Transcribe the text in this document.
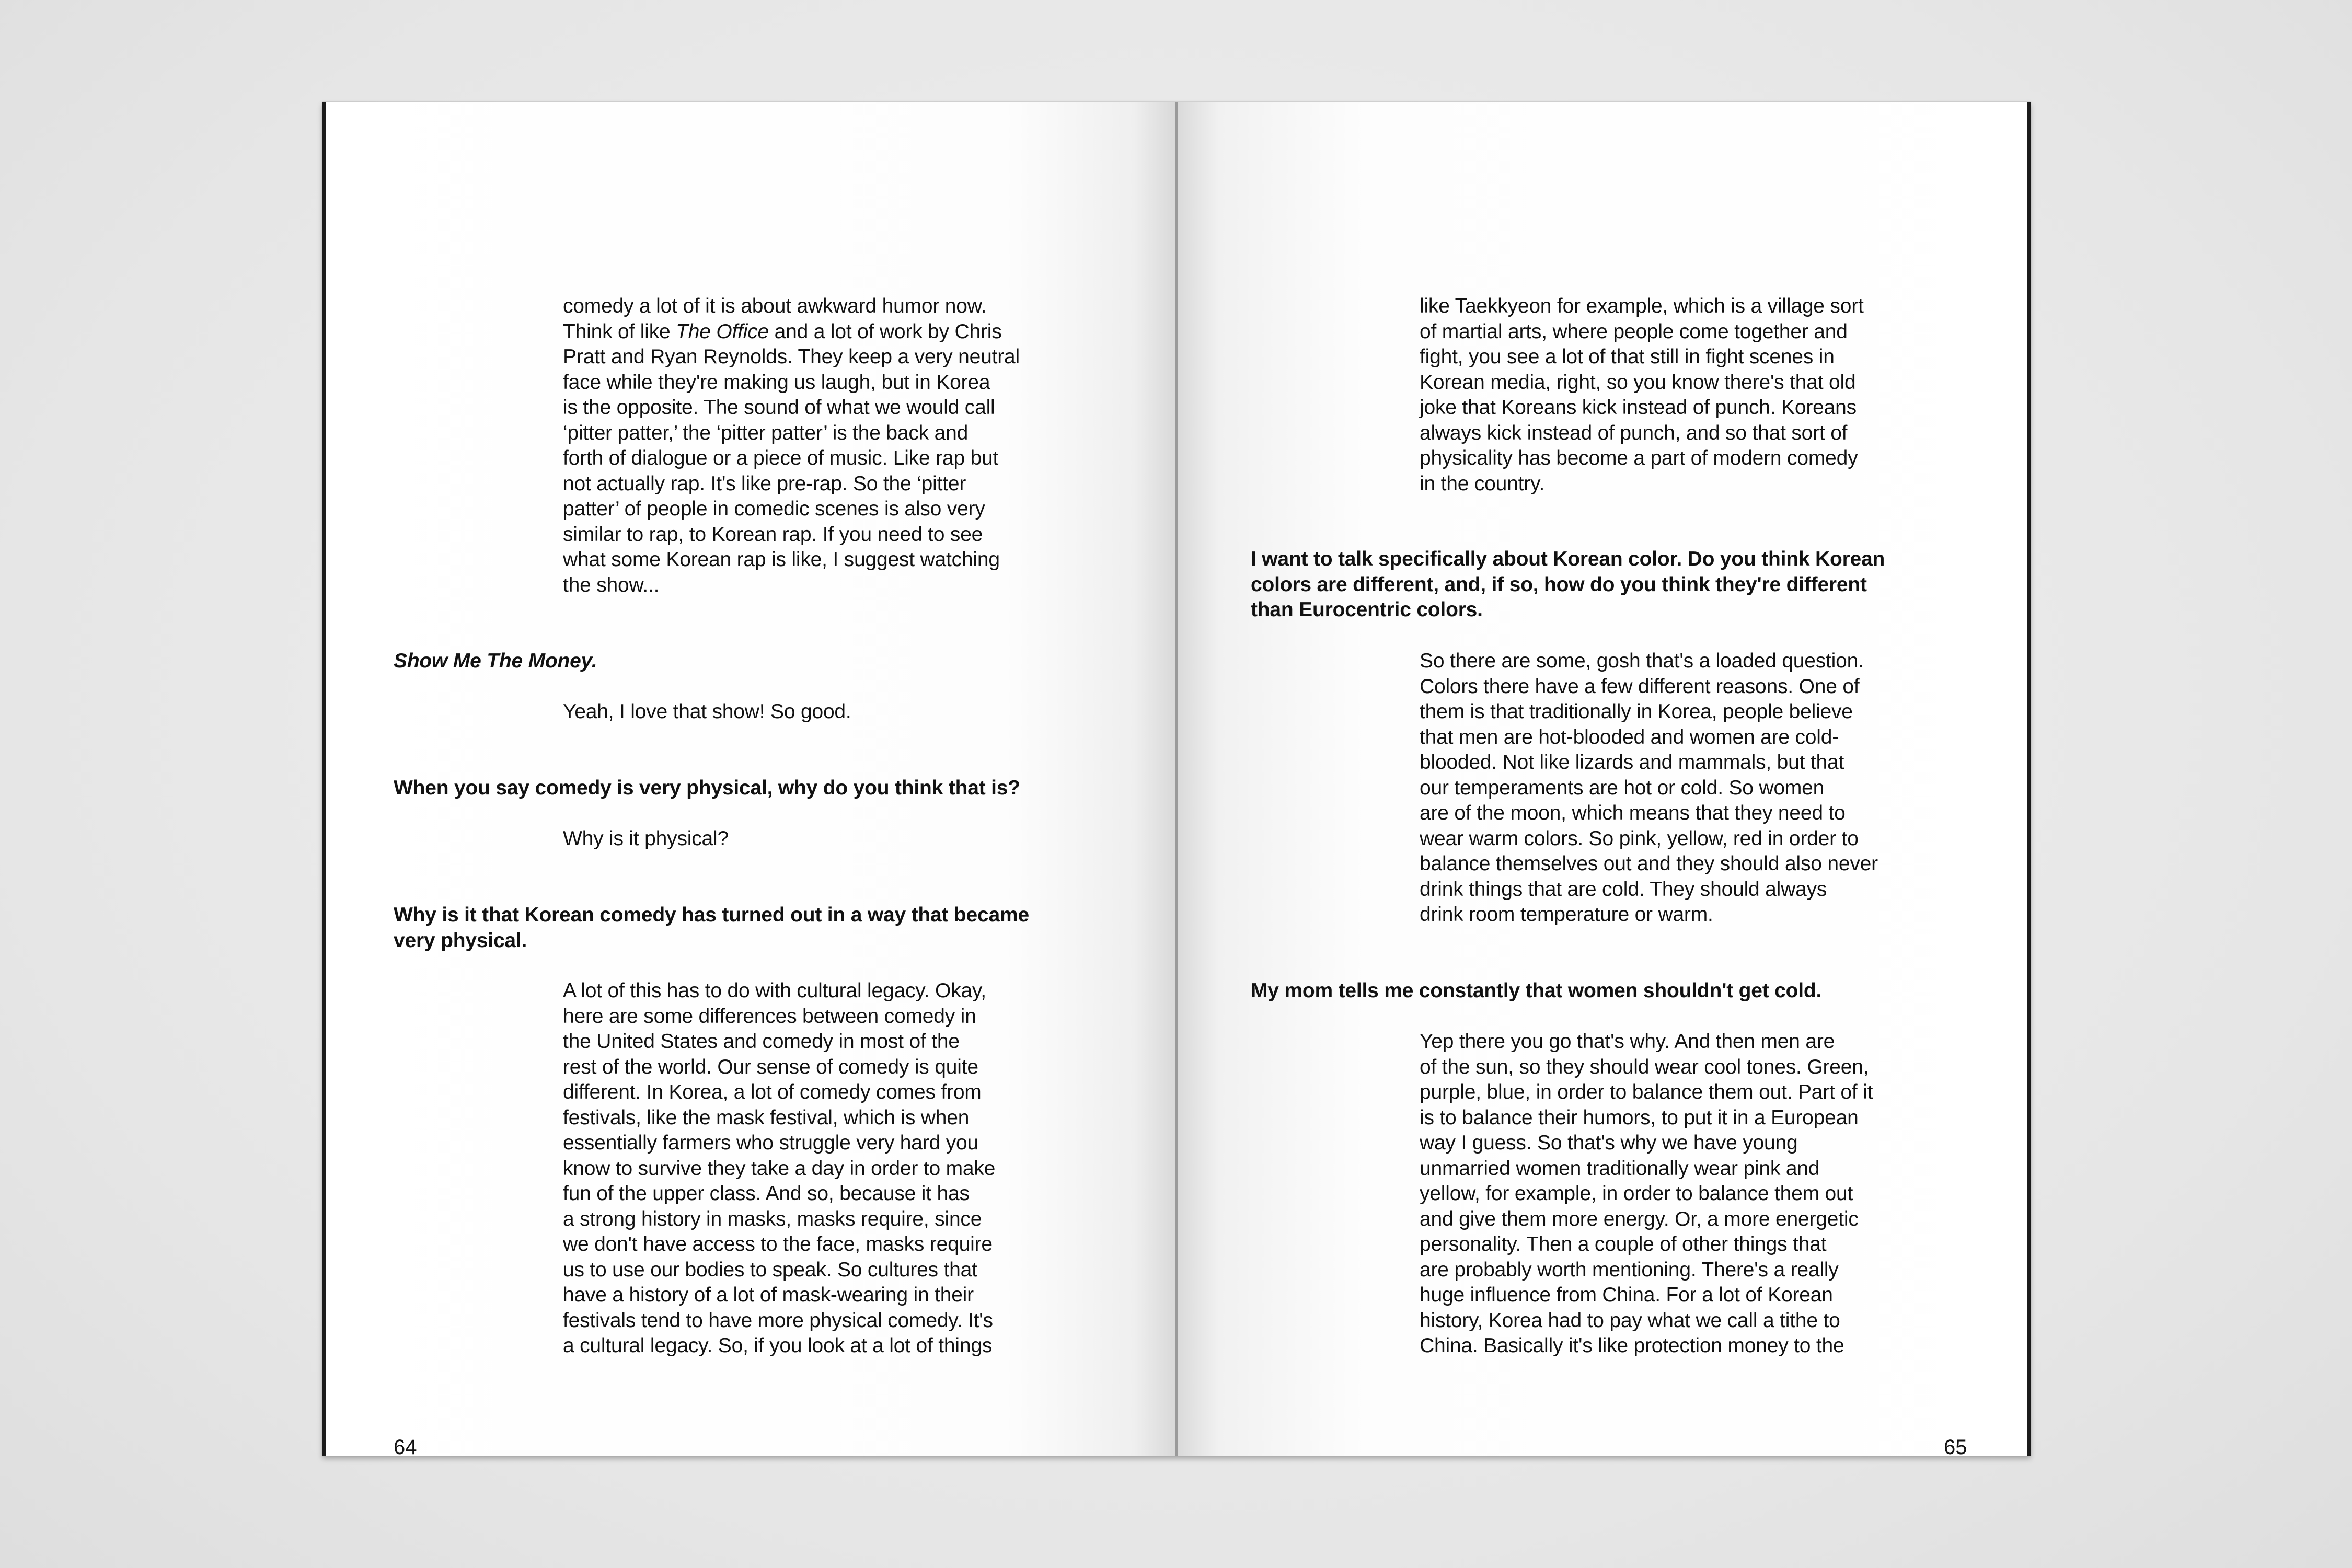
comedy a lot of it is about awkward humor now.
Think of like The Office and a lot of work by Chris
Pratt and Ryan Reynolds. They keep a very neutral
face while they're making us laugh, but in Korea
is the opposite. The sound of what we would call
‘pitter patter,’ the ‘pitter patter’ is the back and
forth of dialogue or a piece of music. Like rap but
not actually rap. It's like pre-rap. So the ‘pitter
patter’ of people in comedic scenes is also very
similar to rap, to Korean rap. If you need to see
what some Korean rap is like, I suggest watching
the show...

Show Me The Money.

Yeah, I love that show! So good.

When you say comedy is very physical, why do you think that is?

Why is it physical?

Why is it that Korean comedy has turned out in a way that became
very physical.

A lot of this has to do with cultural legacy. Okay,
here are some differences between comedy in
the United States and comedy in most of the
rest of the world. Our sense of comedy is quite
different. In Korea, a lot of comedy comes from
festivals, like the mask festival, which is when
essentially farmers who struggle very hard you
know to survive they take a day in order to make
fun of the upper class. And so, because it has
a strong history in masks, masks require, since
we don't have access to the face, masks require
us to use our bodies to speak. So cultures that
have a history of a lot of mask-wearing in their
festivals tend to have more physical comedy. It's
a cultural legacy. So, if you look at a lot of things

64

like Taekkyeon for example, which is a village sort
of martial arts, where people come together and
fight, you see a lot of that still in fight scenes in
Korean media, right, so you know there's that old
joke that Koreans kick instead of punch. Koreans
always kick instead of punch, and so that sort of
physicality has become a part of modern comedy
in the country.

I want to talk specifically about Korean color. Do you think Korean
colors are different, and, if so, how do you think they're different
than Eurocentric colors.

So there are some, gosh that's a loaded question.
Colors there have a few different reasons. One of
them is that traditionally in Korea, people believe
that men are hot-blooded and women are cold-
blooded. Not like lizards and mammals, but that
our temperaments are hot or cold. So women
are of the moon, which means that they need to
wear warm colors. So pink, yellow, red in order to
balance themselves out and they should also never
drink things that are cold. They should always
drink room temperature or warm.

My mom tells me constantly that women shouldn't get cold.

Yep there you go that's why. And then men are
of the sun, so they should wear cool tones. Green,
purple, blue, in order to balance them out. Part of it
is to balance their humors, to put it in a European
way I guess. So that's why we have young
unmarried women traditionally wear pink and
yellow, for example, in order to balance them out
and give them more energy. Or, a more energetic
personality. Then a couple of other things that
are probably worth mentioning. There's a really
huge influence from China. For a lot of Korean
history, Korea had to pay what we call a tithe to
China. Basically it's like protection money to the

65
